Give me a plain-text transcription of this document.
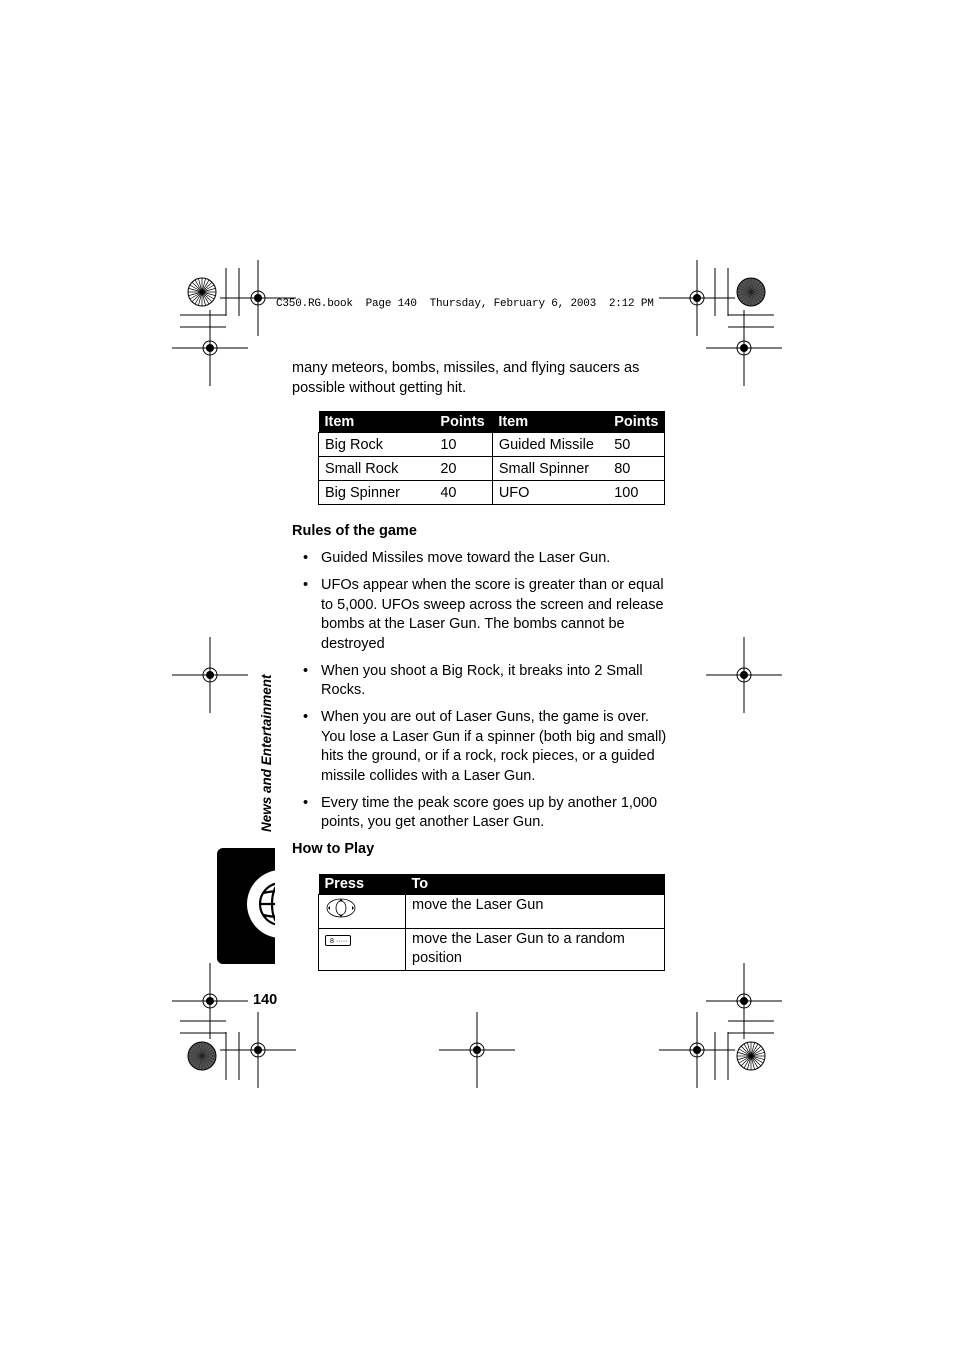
C350.RG.book  Page 140  Thursday, February 6, 2003  2:12 PM
many meteors, bombs, missiles, and flying saucers as possible without getting hit.
Item	Points	Item	Points
Big Rock	10	Guided Missile	50
Small Rock	20	Small Spinner	80
Big Spinner	40	UFO	100
Rules of the game
• Guided Missiles move toward the Laser Gun.
• UFOs appear when the score is greater than or equal to 5,000. UFOs sweep across the screen and release bombs at the Laser Gun. The bombs cannot be destroyed
• When you shoot a Big Rock, it breaks into 2 Small Rocks.
• When you are out of Laser Guns, the game is over. You lose a Laser Gun if a spinner (both big and small) hits the ground, or if a rock, rock pieces, or a guided missile collides with a Laser Gun.
• Every time the peak score goes up by another 1,000 points, you get another Laser Gun.
How to Play
Press	To
	move the Laser Gun
8 ·····	move the Laser Gun to a random position
News and Entertainment
140
